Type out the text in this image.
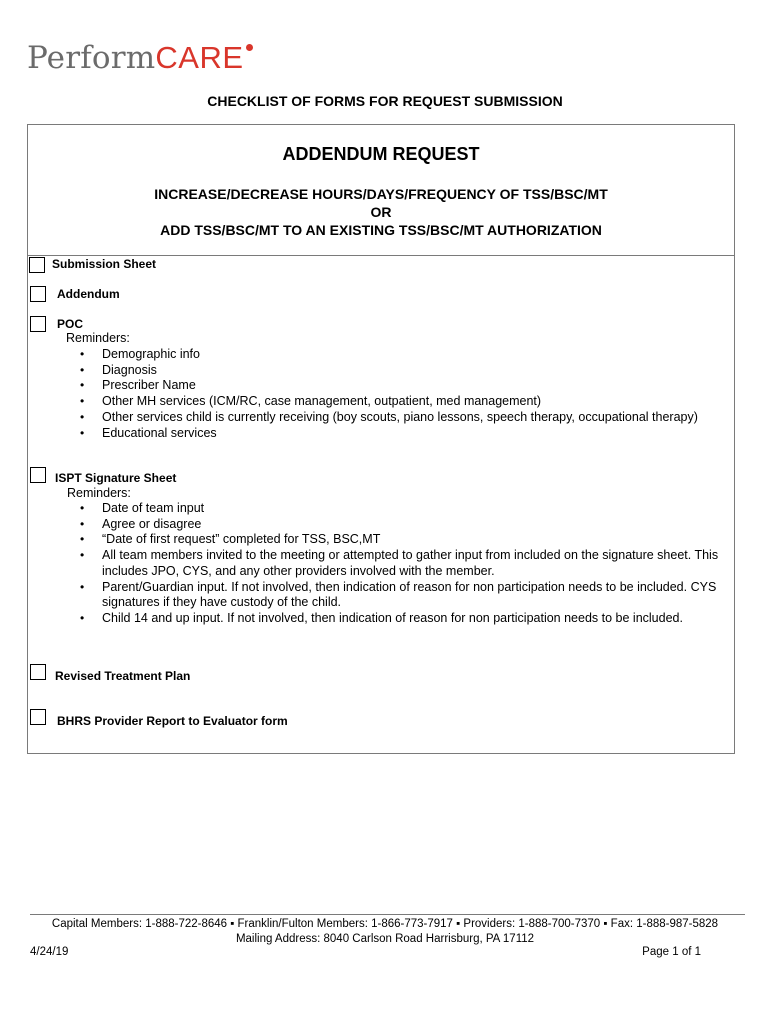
PerformCARE
CHECKLIST OF FORMS FOR REQUEST SUBMISSION
ADDENDUM REQUEST
INCREASE/DECREASE HOURS/DAYS/FREQUENCY OF TSS/BSC/MT
OR
ADD TSS/BSC/MT TO AN EXISTING TSS/BSC/MT AUTHORIZATION
Submission Sheet
Addendum
POC
Reminders:
• Demographic info
• Diagnosis
• Prescriber Name
• Other MH services (ICM/RC, case management, outpatient, med management)
• Other services child is currently receiving (boy scouts, piano lessons, speech therapy, occupational therapy)
• Educational services
ISPT Signature Sheet
Reminders:
• Date of team input
• Agree or disagree
• “Date of first request” completed for TSS, BSC,MT
• All team members invited to the meeting or attempted to gather input from included on the signature sheet. This includes JPO, CYS, and any other providers involved with the member.
• Parent/Guardian input. If not involved, then indication of reason for non participation needs to be included. CYS signatures if they have custody of the child.
• Child 14 and up input. If not involved, then indication of reason for non participation needs to be included.
Revised Treatment Plan
BHRS Provider Report to Evaluator form
Capital Members: 1-888-722-8646 ▪ Franklin/Fulton Members: 1-866-773-7917 ▪ Providers: 1-888-700-7370 ▪ Fax: 1-888-987-5828
Mailing Address: 8040 Carlson Road Harrisburg, PA 17112
4/24/19	Page 1 of 1
